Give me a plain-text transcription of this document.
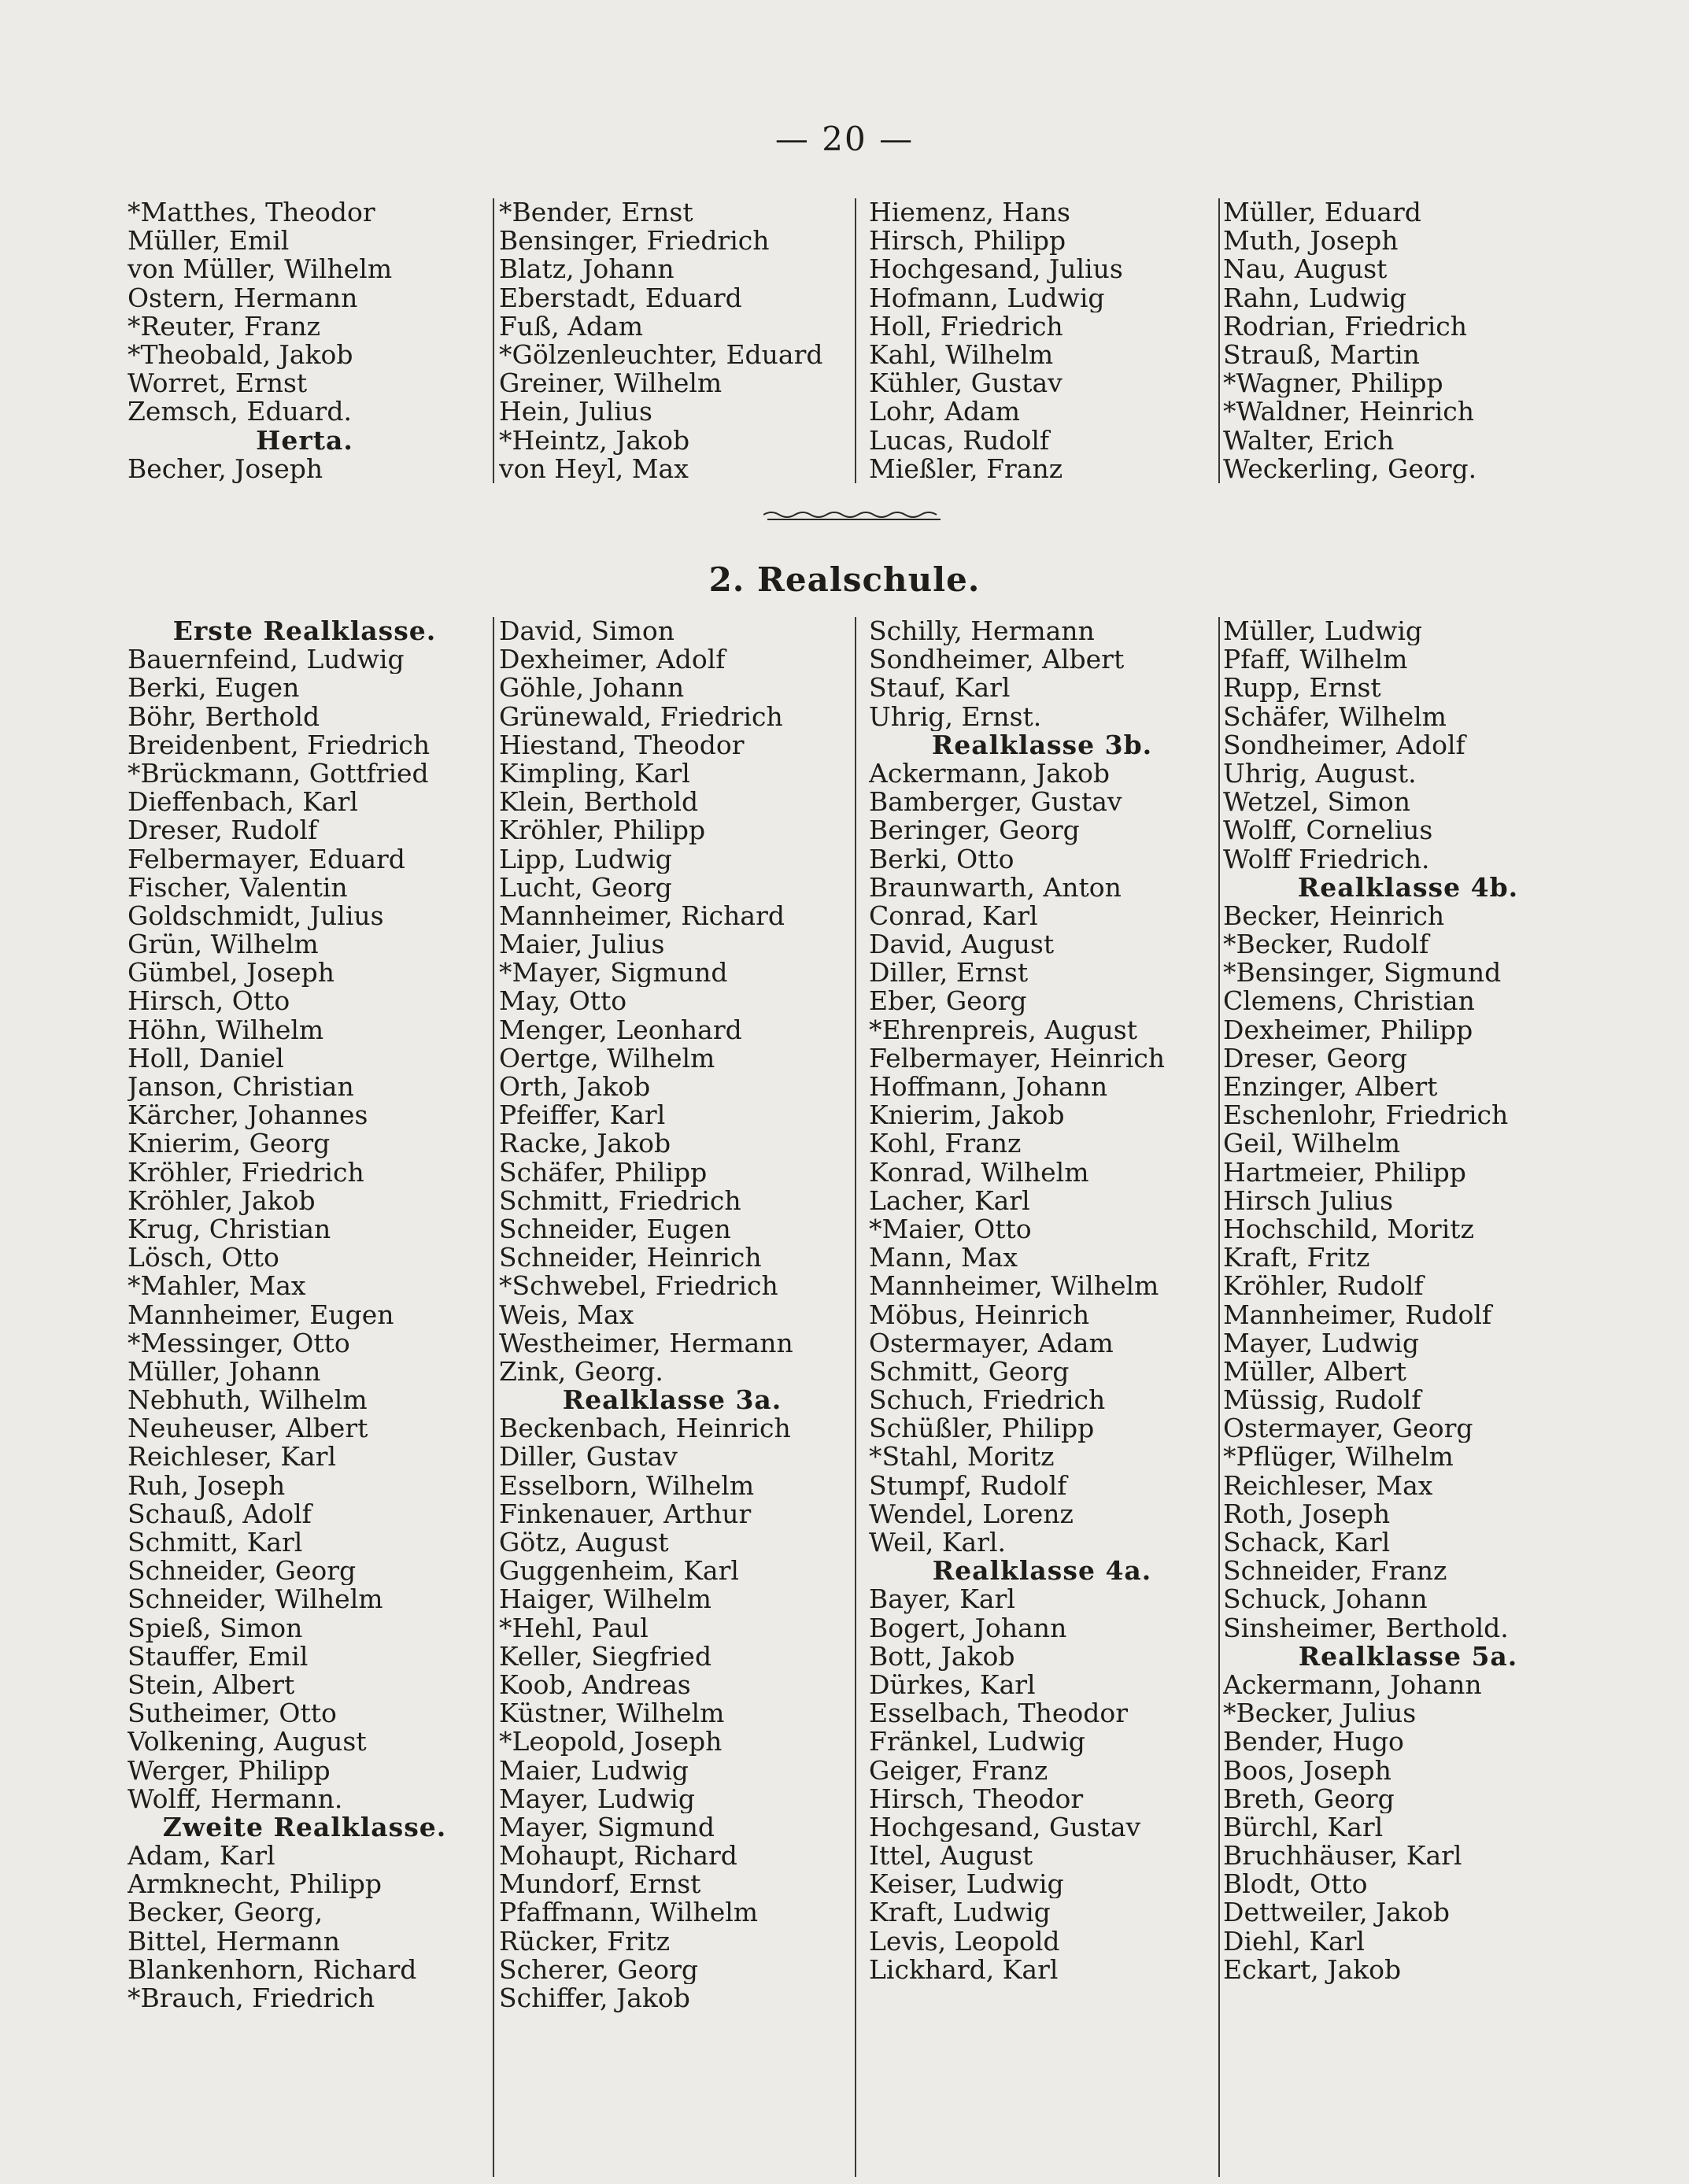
— 20 —
*Matthes, Theodor
Müller, Emil
von Müller, Wilhelm
Ostern, Hermann
*Reuter, Franz
*Theobald, Jakob
Worret, Ernst
Zemsch, Eduard.
Herta.
Becher, Joseph
*Bender, Ernst
Bensinger, Friedrich
Blatz, Johann
Eberstadt, Eduard
Fuß, Adam
*Gölzenleuchter, Eduard
Greiner, Wilhelm
Hein, Julius
*Heintz, Jakob
von Heyl, Max
Hiemenz, Hans
Hirsch, Philipp
Hochgesand, Julius
Hofmann, Ludwig
Holl, Friedrich
Kahl, Wilhelm
Kühler, Gustav
Lohr, Adam
Lucas, Rudolf
Mießler, Franz
Müller, Eduard
Muth, Joseph
Nau, August
Rahn, Ludwig
Rodrian, Friedrich
Strauß, Martin
*Wagner, Philipp
*Waldner, Heinrich
Walter, Erich
Weckerling, Georg.
2. Realschule.
Erste Realklasse.
Bauernfeind, Ludwig
Berki, Eugen
Böhr, Berthold
Breidenbent, Friedrich
*Brückmann, Gottfried
Dieffenbach, Karl
Dreser, Rudolf
Felbermayer, Eduard
Fischer, Valentin
Goldschmidt, Julius
Grün, Wilhelm
Gümbel, Joseph
Hirsch, Otto
Höhn, Wilhelm
Holl, Daniel
Janson, Christian
Kärcher, Johannes
Knierim, Georg
Kröhler, Friedrich
Kröhler, Jakob
Krug, Christian
Lösch, Otto
*Mahler, Max
Mannheimer, Eugen
*Messinger, Otto
Müller, Johann
Nebhuth, Wilhelm
Neuheuser, Albert
Reichleser, Karl
Ruh, Joseph
Schauß, Adolf
Schmitt, Karl
Schneider, Georg
Schneider, Wilhelm
Spieß, Simon
Stauffer, Emil
Stein, Albert
Sutheimer, Otto
Volkening, August
Werger, Philipp
Wolff, Hermann.
Zweite Realklasse.
Adam, Karl
Armknecht, Philipp
Becker, Georg,
Bittel, Hermann
Blankenhorn, Richard
*Brauch, Friedrich
David, Simon
Dexheimer, Adolf
Göhle, Johann
Grünewald, Friedrich
Hiestand, Theodor
Kimpling, Karl
Klein, Berthold
Kröhler, Philipp
Lipp, Ludwig
Lucht, Georg
Mannheimer, Richard
Maier, Julius
*Mayer, Sigmund
May, Otto
Menger, Leonhard
Oertge, Wilhelm
Orth, Jakob
Pfeiffer, Karl
Racke, Jakob
Schäfer, Philipp
Schmitt, Friedrich
Schneider, Eugen
Schneider, Heinrich
*Schwebel, Friedrich
Weis, Max
Westheimer, Hermann
Zink, Georg.
Realklasse 3a.
Beckenbach, Heinrich
Diller, Gustav
Esselborn, Wilhelm
Finkenauer, Arthur
Götz, August
Guggenheim, Karl
Haiger, Wilhelm
*Hehl, Paul
Keller, Siegfried
Koob, Andreas
Küstner, Wilhelm
*Leopold, Joseph
Maier, Ludwig
Mayer, Ludwig
Mayer, Sigmund
Mohaupt, Richard
Mundorf, Ernst
Pfaffmann, Wilhelm
Rücker, Fritz
Scherer, Georg
Schiffer, Jakob
Schilly, Hermann
Sondheimer, Albert
Stauf, Karl
Uhrig, Ernst.
Realklasse 3b.
Ackermann, Jakob
Bamberger, Gustav
Beringer, Georg
Berki, Otto
Braunwarth, Anton
Conrad, Karl
David, August
Diller, Ernst
Eber, Georg
*Ehrenpreis, August
Felbermayer, Heinrich
Hoffmann, Johann
Knierim, Jakob
Kohl, Franz
Konrad, Wilhelm
Lacher, Karl
*Maier, Otto
Mann, Max
Mannheimer, Wilhelm
Möbus, Heinrich
Ostermayer, Adam
Schmitt, Georg
Schuch, Friedrich
Schüßler, Philipp
*Stahl, Moritz
Stumpf, Rudolf
Wendel, Lorenz
Weil, Karl.
Realklasse 4a.
Bayer, Karl
Bogert, Johann
Bott, Jakob
Dürkes, Karl
Esselbach, Theodor
Fränkel, Ludwig
Geiger, Franz
Hirsch, Theodor
Hochgesand, Gustav
Ittel, August
Keiser, Ludwig
Kraft, Ludwig
Levis, Leopold
Lickhard, Karl
Müller, Ludwig
Pfaff, Wilhelm
Rupp, Ernst
Schäfer, Wilhelm
Sondheimer, Adolf
Uhrig, August.
Wetzel, Simon
Wolff, Cornelius
Wolff Friedrich.
Realklasse 4b.
Becker, Heinrich
*Becker, Rudolf
*Bensinger, Sigmund
Clemens, Christian
Dexheimer, Philipp
Dreser, Georg
Enzinger, Albert
Eschenlohr, Friedrich
Geil, Wilhelm
Hartmeier, Philipp
Hirsch Julius
Hochschild, Moritz
Kraft, Fritz
Kröhler, Rudolf
Mannheimer, Rudolf
Mayer, Ludwig
Müller, Albert
Müssig, Rudolf
Ostermayer, Georg
*Pflüger, Wilhelm
Reichleser, Max
Roth, Joseph
Schack, Karl
Schneider, Franz
Schuck, Johann
Sinsheimer, Berthold.
Realklasse 5a.
Ackermann, Johann
*Becker, Julius
Bender, Hugo
Boos, Joseph
Breth, Georg
Bürchl, Karl
Bruchhäuser, Karl
Blodt, Otto
Dettweiler, Jakob
Diehl, Karl
Eckart, Jakob
